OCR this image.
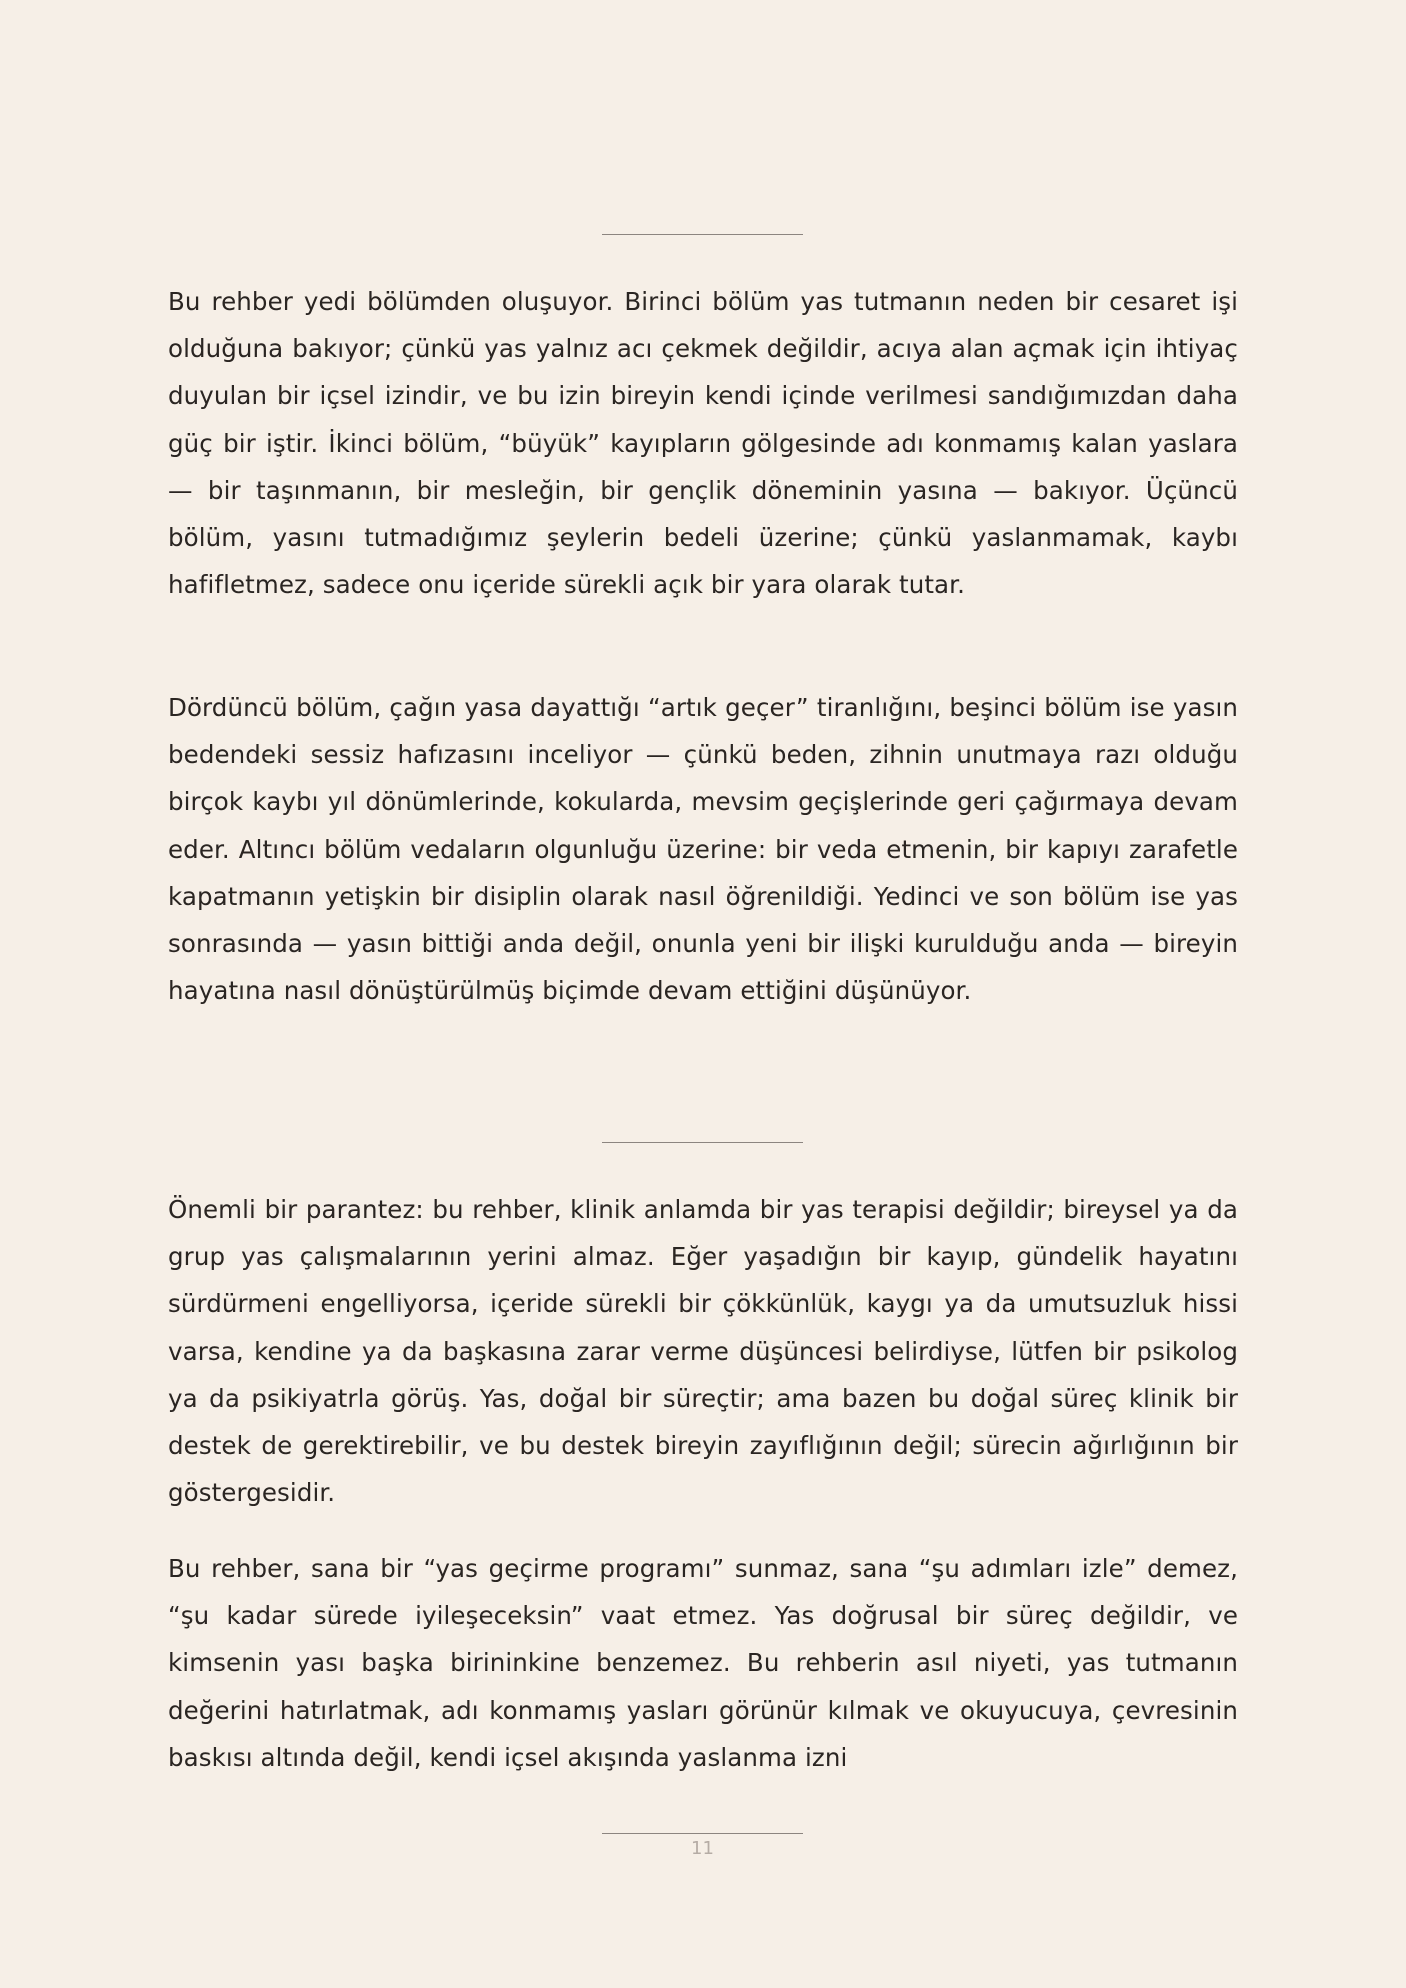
Bu rehber yedi bölümden oluşuyor. Birinci bölüm yas tutmanın neden bir cesaret işi olduğuna bakıyor; çünkü yas yalnız acı çekmek değildir, acıya alan açmak için ihtiyaç duyulan bir içsel izindir, ve bu izin bireyin kendi içinde verilmesi sandığımızdan daha güç bir iştir. İkinci bölüm, “büyük” kayıpların gölgesinde adı konmamış kalan yaslara — bir taşınmanın, bir mesleğin, bir gençlik döneminin yasına — bakıyor. Üçüncü bölüm, yasını tutmadığımız şeylerin bedeli üzerine; çünkü yaslanmamak, kaybı hafifletmez, sadece onu içeride sürekli açık bir yara olarak tutar.

Dördüncü bölüm, çağın yasa dayattığı “artık geçer” tiranlığını, beşinci bölüm ise yasın bedendeki sessiz hafızasını inceliyor — çünkü beden, zihnin unutmaya razı olduğu birçok kaybı yıl dönümlerinde, kokularda, mevsim geçişlerinde geri çağırmaya devam eder. Altıncı bölüm vedaların olgunluğu üzerine: bir veda etmenin, bir kapıyı zarafetle kapatmanın yetişkin bir disiplin olarak nasıl öğrenildiği. Yedinci ve son bölüm ise yas sonrasında — yasın bittiği anda değil, onunla yeni bir ilişki kurulduğu anda — bireyin hayatına nasıl dönüştürülmüş biçimde devam ettiğini düşünüyor.

Önemli bir parantez: bu rehber, klinik anlamda bir yas terapisi değildir; bireysel ya da grup yas çalışmalarının yerini almaz. Eğer yaşadığın bir kayıp, gündelik hayatını sürdürmeni engelliyorsa, içeride sürekli bir çökkünlük, kaygı ya da umutsuzluk hissi varsa, kendine ya da başkasına zarar verme düşüncesi belirdiyse, lütfen bir psikolog ya da psikiyatrla görüş. Yas, doğal bir süreçtir; ama bazen bu doğal süreç klinik bir destek de gerektirebilir, ve bu destek bireyin zayıflığının değil; sürecin ağırlığının bir göstergesidir.

Bu rehber, sana bir “yas geçirme programı” sunmaz, sana “şu adımları izle” demez, “şu kadar sürede iyileşeceksin” vaat etmez. Yas doğrusal bir süreç değildir, ve kimsenin yası başka birininkine benzemez. Bu rehberin asıl niyeti, yas tutmanın değerini hatırlatmak, adı konmamış yasları görünür kılmak ve okuyucuya, çevresinin baskısı altında değil, kendi içsel akışında yaslanma izni

11
